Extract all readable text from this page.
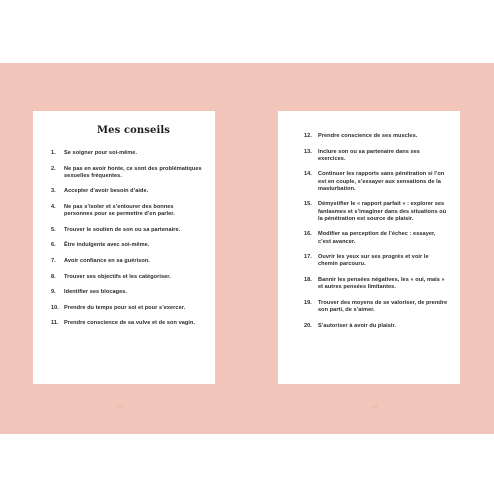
Mes conseils
1.	Se soigner pour soi-même.
2.	Ne pas en avoir honte, ce sont des problématiques sexuelles fréquentes.
3.	Accepter d’avoir besoin d’aide.
4.	Ne pas s’isoler et s’entourer des bonnes personnes pour se permettre d’en parler.
5.	Trouver le soutien de son ou sa partenaire.
6.	Être indulgente avec soi-même.
7.	Avoir confiance en sa guérison.
8.	Trouver ses objectifs et les catégoriser.
9.	Identifier ses blocages.
10. Prendre du temps pour soi et pour s’exercer.
11. Prendre conscience de sa vulve et de son vagin.
12.	Prendre conscience de ses muscles.
13.	Inclure son ou sa partenaire dans ses exercices.
14.	Continuer les rapports sans pénétration si l’on est en couple, s’essayer aux sensations de la masturbation.
15.	Démystifier le « rapport parfait » : explorer ses fantasmes et s’imaginer dans des situations où la pénétration est source de plaisir.
16.	Modifier sa perception de l’échec : essayer, c’est avancer.
17.	Ouvrir les yeux sur ses progrès et voir le chemin parcouru.
18.	Bannir les pensées négatives, les « oui, mais » et autres pensées limitantes.
19.	Trouver des moyens de se valoriser, de prendre son parti, de s’aimer.
20.	S’autoriser à avoir du plaisir.
152	153
